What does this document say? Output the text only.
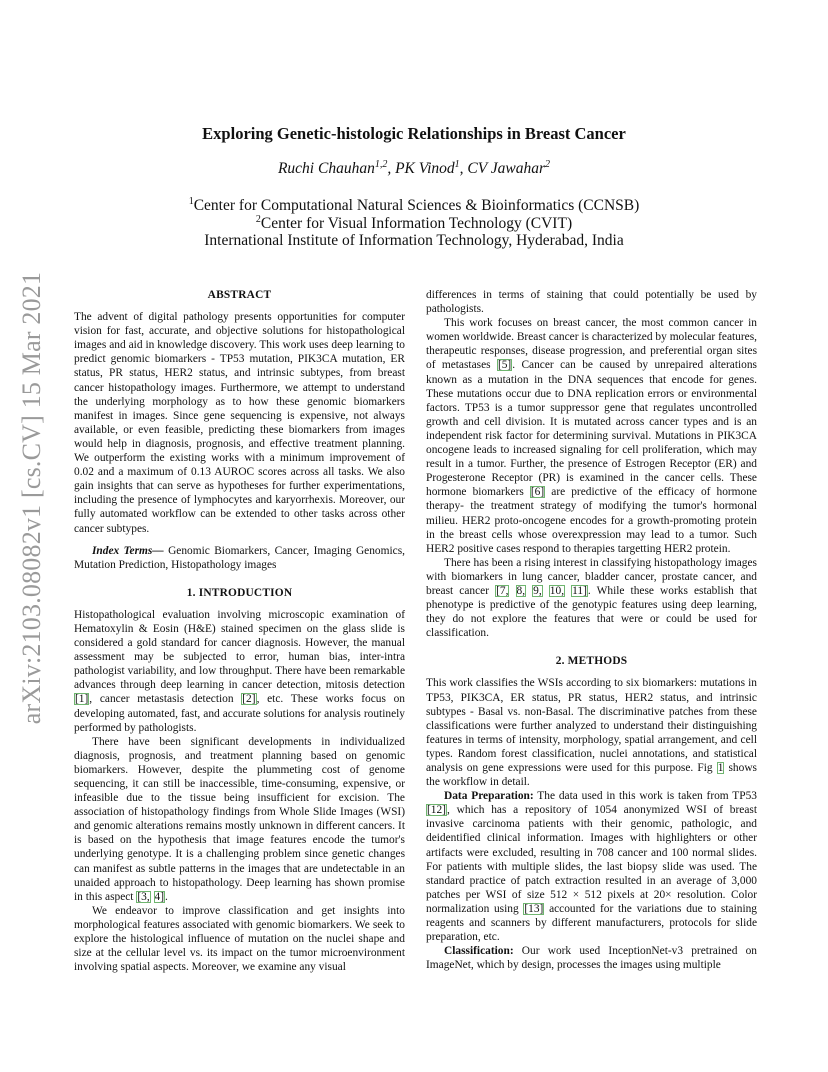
arXiv:2103.08082v1 [cs.CV] 15 Mar 2021
Exploring Genetic-histologic Relationships in Breast Cancer
Ruchi Chauhan$^{1,2}$, PK Vinod$^1$, CV Jawahar$^2$
$^1$Center for Computational Natural Sciences & Bioinformatics (CCNSB)
$^2$Center for Visual Information Technology (CVIT)
International Institute of Information Technology, Hyderabad, India
ABSTRACT

The advent of digital pathology presents opportunities for computer vision for fast, accurate, and objective solutions for histopathological images and aid in knowledge discovery. This work uses deep learning to predict genomic biomarkers - TP53 mutation, PIK3CA mutation, ER status, PR status, HER2 status, and intrinsic subtypes, from breast cancer histopathology images. Furthermore, we attempt to understand the underlying morphology as to how these genomic biomarkers manifest in images. Since gene sequencing is expensive, not always available, or even feasible, predicting these biomarkers from images would help in diagnosis, prognosis, and effective treatment planning. We outperform the existing works with a minimum improvement of 0.02 and a maximum of 0.13 AUROC scores across all tasks. We also gain insights that can serve as hypotheses for further experimentations, including the presence of lymphocytes and karyorrhexis. Moreover, our fully automated workflow can be extended to other tasks across other cancer subtypes.

Index Terms— Genomic Biomarkers, Cancer, Imaging Genomics, Mutation Prediction, Histopathology images

1. INTRODUCTION

Histopathological evaluation involving microscopic examination of Hematoxylin & Eosin (H&E) stained specimen on the glass slide is considered a gold standard for cancer diagnosis. However, the manual assessment may be subjected to error, human bias, inter-intra pathologist variability, and low throughput. There have been remarkable advances through deep learning in cancer detection, mitosis detection [1], cancer metastasis detection [2], etc. These works focus on developing automated, fast, and accurate solutions for analysis routinely performed by pathologists.

There have been significant developments in individualized diagnosis, prognosis, and treatment planning based on genomic biomarkers. However, despite the plummeting cost of genome sequencing, it can still be inaccessible, time-consuming, expensive, or infeasible due to the tissue being insufficient for excision. The association of histopathology findings from Whole Slide Images (WSI) and genomic alterations remains mostly unknown in different cancers. It is based on the hypothesis that image features encode the tumor's underlying genotype. It is a challenging problem since genetic changes can manifest as subtle patterns in the images that are undetectable in an unaided approach to histopathology. Deep learning has shown promise in this aspect [3, 4].

We endeavor to improve classification and get insights into morphological features associated with genomic biomarkers. We seek to explore the histological influence of mutation on the nuclei shape and size at the cellular level vs. its impact on the tumor microenvironment involving spatial aspects. Moreover, we examine any visual

differences in terms of staining that could potentially be used by pathologists.

This work focuses on breast cancer, the most common cancer in women worldwide. Breast cancer is characterized by molecular features, therapeutic responses, disease progression, and preferential organ sites of metastases [5]. Cancer can be caused by unrepaired alterations known as a mutation in the DNA sequences that encode for genes. These mutations occur due to DNA replication errors or environmental factors. TP53 is a tumor suppressor gene that regulates uncontrolled growth and cell division. It is mutated across cancer types and is an independent risk factor for determining survival. Mutations in PIK3CA oncogene leads to increased signaling for cell proliferation, which may result in a tumor. Further, the presence of Estrogen Receptor (ER) and Progesterone Receptor (PR) is examined in the cancer cells. These hormone biomarkers [6] are predictive of the efficacy of hormone therapy- the treatment strategy of modifying the tumor's hormonal milieu. HER2 proto-oncogene encodes for a growth-promoting protein in the breast cells whose overexpression may lead to a tumor. Such HER2 positive cases respond to therapies targetting HER2 protein.

There has been a rising interest in classifying histopathology images with biomarkers in lung cancer, bladder cancer, prostate cancer, and breast cancer [7, 8, 9, 10, 11]. While these works establish that phenotype is predictive of the genotypic features using deep learning, they do not explore the features that were or could be used for classification.

2. METHODS

This work classifies the WSIs according to six biomarkers: mutations in TP53, PIK3CA, ER status, PR status, HER2 status, and intrinsic subtypes - Basal vs. non-Basal. The discriminative patches from these classifications were further analyzed to understand their distinguishing features in terms of intensity, morphology, spatial arrangement, and cell types. Random forest classification, nuclei annotations, and statistical analysis on gene expressions were used for this purpose. Fig 1 shows the workflow in detail.

Data Preparation: The data used in this work is taken from TP53 [12], which has a repository of 1054 anonymized WSI of breast invasive carcinoma patients with their genomic, pathologic, and deidentified clinical information. Images with highlighters or other artifacts were excluded, resulting in 708 cancer and 100 normal slides. For patients with multiple slides, the last biopsy slide was used. The standard practice of patch extraction resulted in an average of 3,000 patches per WSI of size 512 × 512 pixels at 20× resolution. Color normalization using [13] accounted for the variations due to staining reagents and scanners by different manufacturers, protocols for slide preparation, etc.

Classification: Our work used InceptionNet-v3 pretrained on ImageNet, which by design, processes the images using multiple
